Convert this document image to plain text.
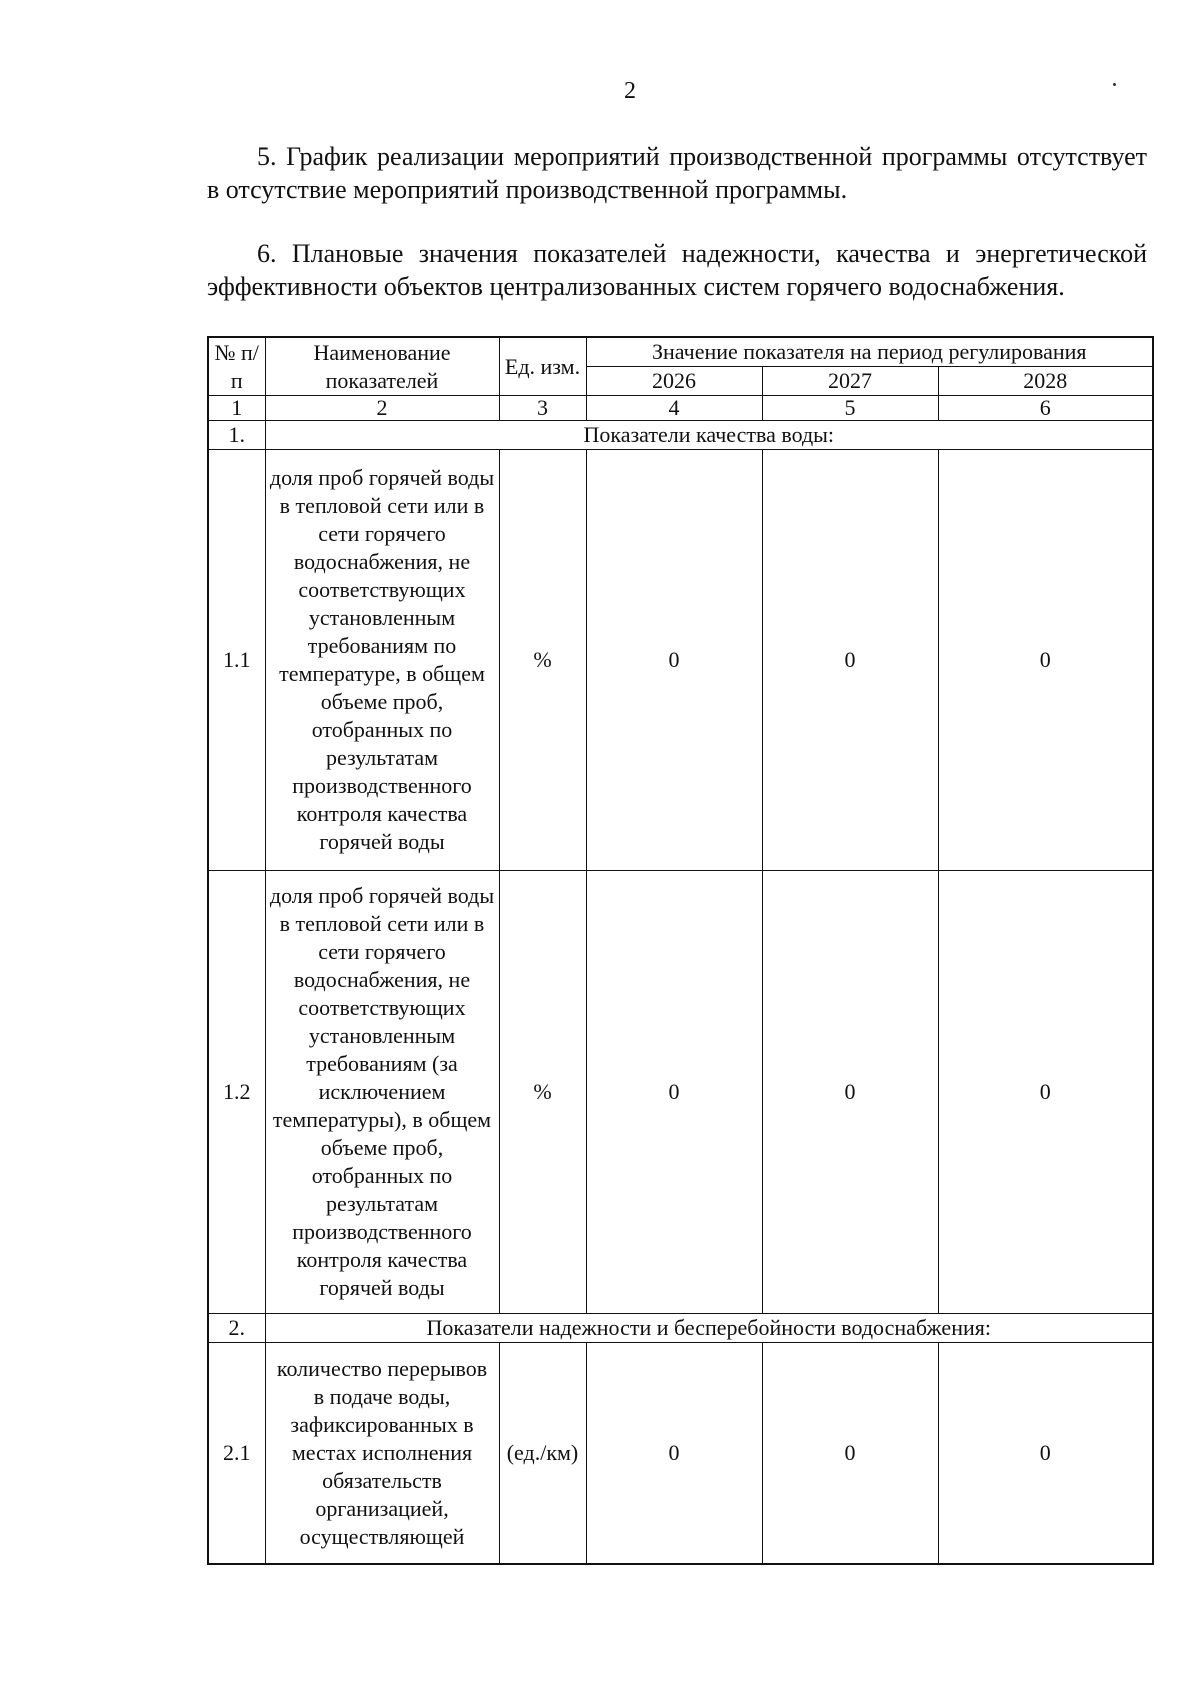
2
5. График реализации мероприятий производственной программы отсутствует в отсутствие мероприятий производственной программы.
6. Плановые значения показателей надежности, качества и энергетической эффективности объектов централизованных систем горячего водоснабжения.
№ п/п	Наименование показателей	Ед. изм.	Значение показателя на период регулирования		
			2026	2027	2028
1	2	3	4	5	6
1.	Показатели качества воды:				
1.1	доля проб горячей воды в тепловой сети или в сети горячего водоснабжения, не соответствующих установленным требованиям по температуре, в общем объеме проб, отобранных по результатам производственного контроля качества горячей воды	%	0	0	0
1.2	доля проб горячей воды в тепловой сети или в сети горячего водоснабжения, не соответствующих установленным требованиям (за исключением температуры), в общем объеме проб, отобранных по результатам производственного контроля качества горячей воды	%	0	0	0
2.	Показатели надежности и бесперебойности водоснабжения:				
2.1	количество перерывов в подаче воды, зафиксированных в местах исполнения обязательств организацией, осуществляющей	(ед./км)	0	0	0
